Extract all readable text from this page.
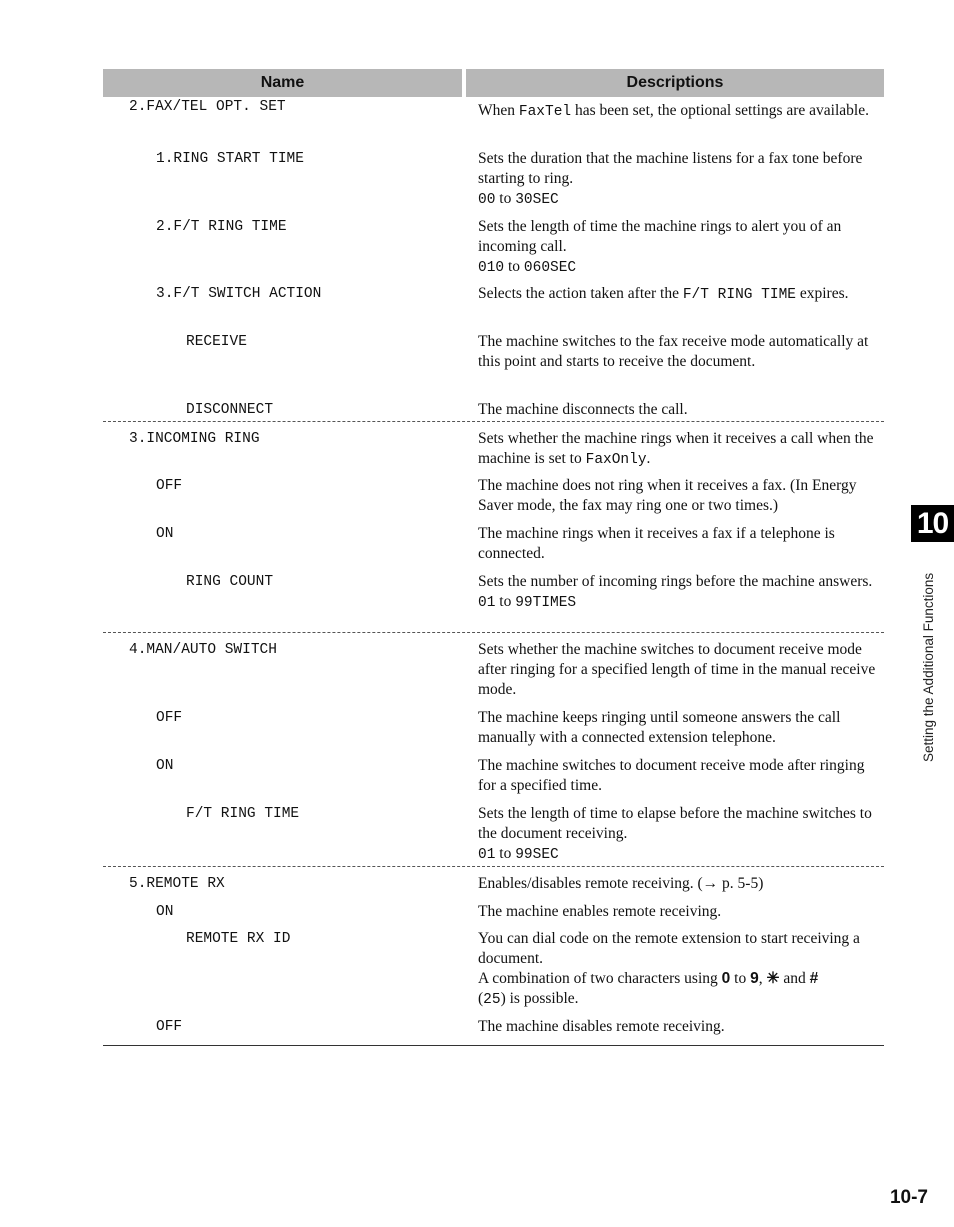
Name	Descriptions
2.FAX/TEL OPT. SET	When FaxTel has been set, the optional settings are available.
1.RING START TIME	Sets the duration that the machine listens for a fax tone before starting to ring.
00 to 30SEC
2.F/T RING TIME	Sets the length of time the machine rings to alert you of an incoming call.
010 to 060SEC
3.F/T SWITCH ACTION	Selects the action taken after the F/T RING TIME expires.
RECEIVE	The machine switches to the fax receive mode automatically at this point and starts to receive the document.
DISCONNECT	The machine disconnects the call.
3.INCOMING RING	Sets whether the machine rings when it receives a call when the machine is set to FaxOnly.
OFF	The machine does not ring when it receives a fax. (In Energy Saver mode, the fax may ring one or two times.)
ON	The machine rings when it receives a fax if a telephone is connected.
RING COUNT	Sets the number of incoming rings before the machine answers.
01 to 99TIMES
4.MAN/AUTO SWITCH	Sets whether the machine switches to document receive mode after ringing for a specified length of time in the manual receive mode.
OFF	The machine keeps ringing until someone answers the call manually with a connected extension telephone.
ON	The machine switches to document receive mode after ringing for a specified time.
F/T RING TIME	Sets the length of time to elapse before the machine switches to the document receiving.
01 to 99SEC
5.REMOTE RX	Enables/disables remote receiving. (→ p. 5-5)
ON	The machine enables remote receiving.
REMOTE RX ID	You can dial code on the remote extension to start receiving a document.
A combination of two characters using 0 to 9, ✳ and #
(25) is possible.
OFF	The machine disables remote receiving.
10
Setting the Additional Functions
10-7
